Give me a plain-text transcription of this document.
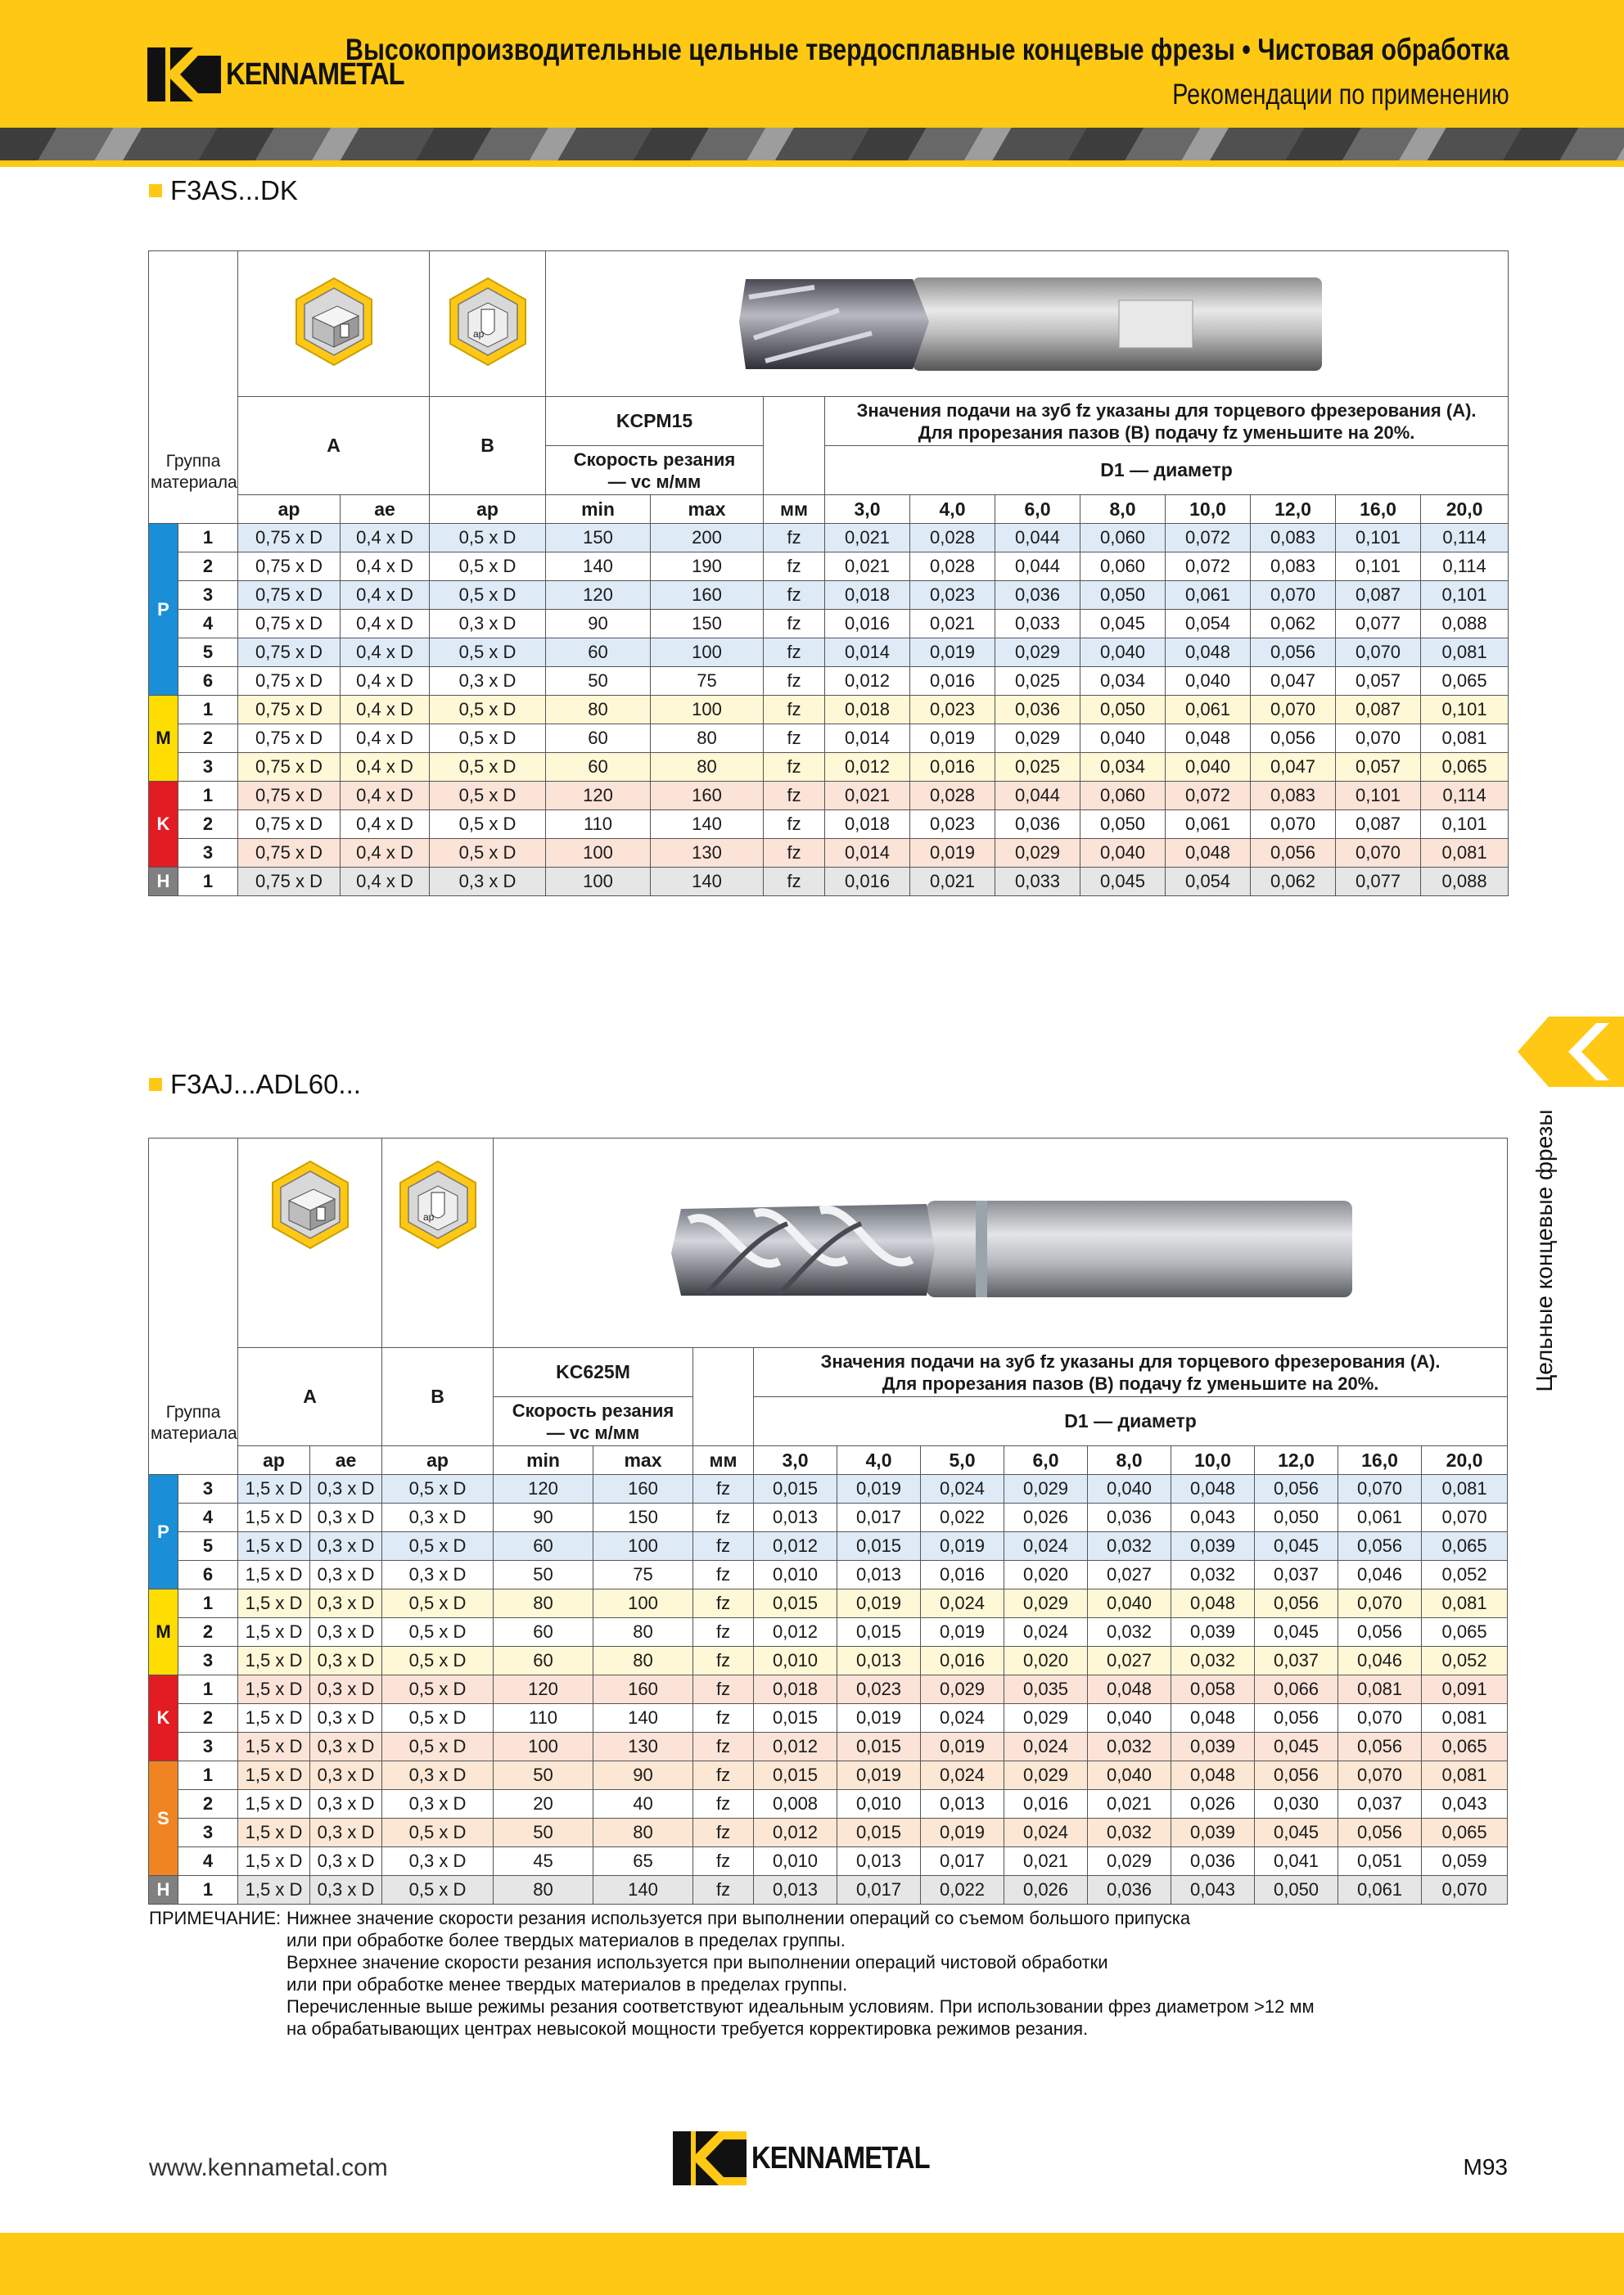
KENNAMETAL
Высокопроизводительные цельные твердосплавные концевые фрезы • Чистовая обработка
Рекомендации по применению
F3AS...DK
Группа материала				ap

		A		B	KCPM15			Значения подачи на зуб fz указаны для торцевого фрезерования (A).
Для прорезания пазов (B) подачу fz уменьшите на 20%.							

					Скорость резания — vc м/мм			D1 — диаметр							
		ap	ae	ap	min	max	мм	3,0	4,0	6,0	8,0	10,0	12,0	16,0	20,0
P	1	0,75 x D	0,4 x D	0,5 x D	150	200	fz	0,021	0,028	0,044	0,060	0,072	0,083	0,101	0,114
	2	0,75 x D	0,4 x D	0,5 x D	140	190	fz	0,021	0,028	0,044	0,060	0,072	0,083	0,101	0,114
	3	0,75 x D	0,4 x D	0,5 x D	120	160	fz	0,018	0,023	0,036	0,050	0,061	0,070	0,087	0,101
	4	0,75 x D	0,4 x D	0,3 x D	90	150	fz	0,016	0,021	0,033	0,045	0,054	0,062	0,077	0,088
	5	0,75 x D	0,4 x D	0,5 x D	60	100	fz	0,014	0,019	0,029	0,040	0,048	0,056	0,070	0,081
	6	0,75 x D	0,4 x D	0,3 x D	50	75	fz	0,012	0,016	0,025	0,034	0,040	0,047	0,057	0,065
M	1	0,75 x D	0,4 x D	0,5 x D	80	100	fz	0,018	0,023	0,036	0,050	0,061	0,070	0,087	0,101
	2	0,75 x D	0,4 x D	0,5 x D	60	80	fz	0,014	0,019	0,029	0,040	0,048	0,056	0,070	0,081
	3	0,75 x D	0,4 x D	0,5 x D	60	80	fz	0,012	0,016	0,025	0,034	0,040	0,047	0,057	0,065
K	1	0,75 x D	0,4 x D	0,5 x D	120	160	fz	0,021	0,028	0,044	0,060	0,072	0,083	0,101	0,114
	2	0,75 x D	0,4 x D	0,5 x D	110	140	fz	0,018	0,023	0,036	0,050	0,061	0,070	0,087	0,101
	3	0,75 x D	0,4 x D	0,5 x D	100	130	fz	0,014	0,019	0,029	0,040	0,048	0,056	0,070	0,081
H	1	0,75 x D	0,4 x D	0,3 x D	100	140	fz	0,016	0,021	0,033	0,045	0,054	0,062	0,077	0,088
F3AJ...ADL60...
Группа материала				ap

		A		B	KC625M			Значения подачи на зуб fz указаны для торцевого фрезерования (A).
Для прорезания пазов (B) подачу fz уменьшите на 20%.								

					Скорость резания — vc м/мм			D1 — диаметр								
		ap	ae	ap	min	max	мм	3,0	4,0	5,0	6,0	8,0	10,0	12,0	16,0	20,0
P	3	1,5 x D	0,3 x D	0,5 x D	120	160	fz	0,015	0,019	0,024	0,029	0,040	0,048	0,056	0,070	0,081
	4	1,5 x D	0,3 x D	0,3 x D	90	150	fz	0,013	0,017	0,022	0,026	0,036	0,043	0,050	0,061	0,070
	5	1,5 x D	0,3 x D	0,5 x D	60	100	fz	0,012	0,015	0,019	0,024	0,032	0,039	0,045	0,056	0,065
	6	1,5 x D	0,3 x D	0,3 x D	50	75	fz	0,010	0,013	0,016	0,020	0,027	0,032	0,037	0,046	0,052
M	1	1,5 x D	0,3 x D	0,5 x D	80	100	fz	0,015	0,019	0,024	0,029	0,040	0,048	0,056	0,070	0,081
	2	1,5 x D	0,3 x D	0,5 x D	60	80	fz	0,012	0,015	0,019	0,024	0,032	0,039	0,045	0,056	0,065
	3	1,5 x D	0,3 x D	0,5 x D	60	80	fz	0,010	0,013	0,016	0,020	0,027	0,032	0,037	0,046	0,052
K	1	1,5 x D	0,3 x D	0,5 x D	120	160	fz	0,018	0,023	0,029	0,035	0,048	0,058	0,066	0,081	0,091
	2	1,5 x D	0,3 x D	0,5 x D	110	140	fz	0,015	0,019	0,024	0,029	0,040	0,048	0,056	0,070	0,081
	3	1,5 x D	0,3 x D	0,5 x D	100	130	fz	0,012	0,015	0,019	0,024	0,032	0,039	0,045	0,056	0,065
S	1	1,5 x D	0,3 x D	0,3 x D	50	90	fz	0,015	0,019	0,024	0,029	0,040	0,048	0,056	0,070	0,081
	2	1,5 x D	0,3 x D	0,3 x D	20	40	fz	0,008	0,010	0,013	0,016	0,021	0,026	0,030	0,037	0,043
	3	1,5 x D	0,3 x D	0,5 x D	50	80	fz	0,012	0,015	0,019	0,024	0,032	0,039	0,045	0,056	0,065
	4	1,5 x D	0,3 x D	0,3 x D	45	65	fz	0,010	0,013	0,017	0,021	0,029	0,036	0,041	0,051	0,059
H	1	1,5 x D	0,3 x D	0,5 x D	80	140	fz	0,013	0,017	0,022	0,026	0,036	0,043	0,050	0,061	0,070
Цельные концевые фрезы
ПРИМЕЧАНИЕ: Нижнее значение скорости резания используется при выполнении операций со съемом большого припуска
или при обработке более твердых материалов в пределах группы.
Верхнее значение скорости резания используется при выполнении операций чистовой обработки
или при обработке менее твердых материалов в пределах группы.
Перечисленные выше режимы резания соответствуют идеальным условиям. При использовании фрез диаметром >12 мм
на обрабатывающих центрах невысокой мощности требуется корректировка режимов резания.
www.kennametal.com	KENNAMETAL	M93
